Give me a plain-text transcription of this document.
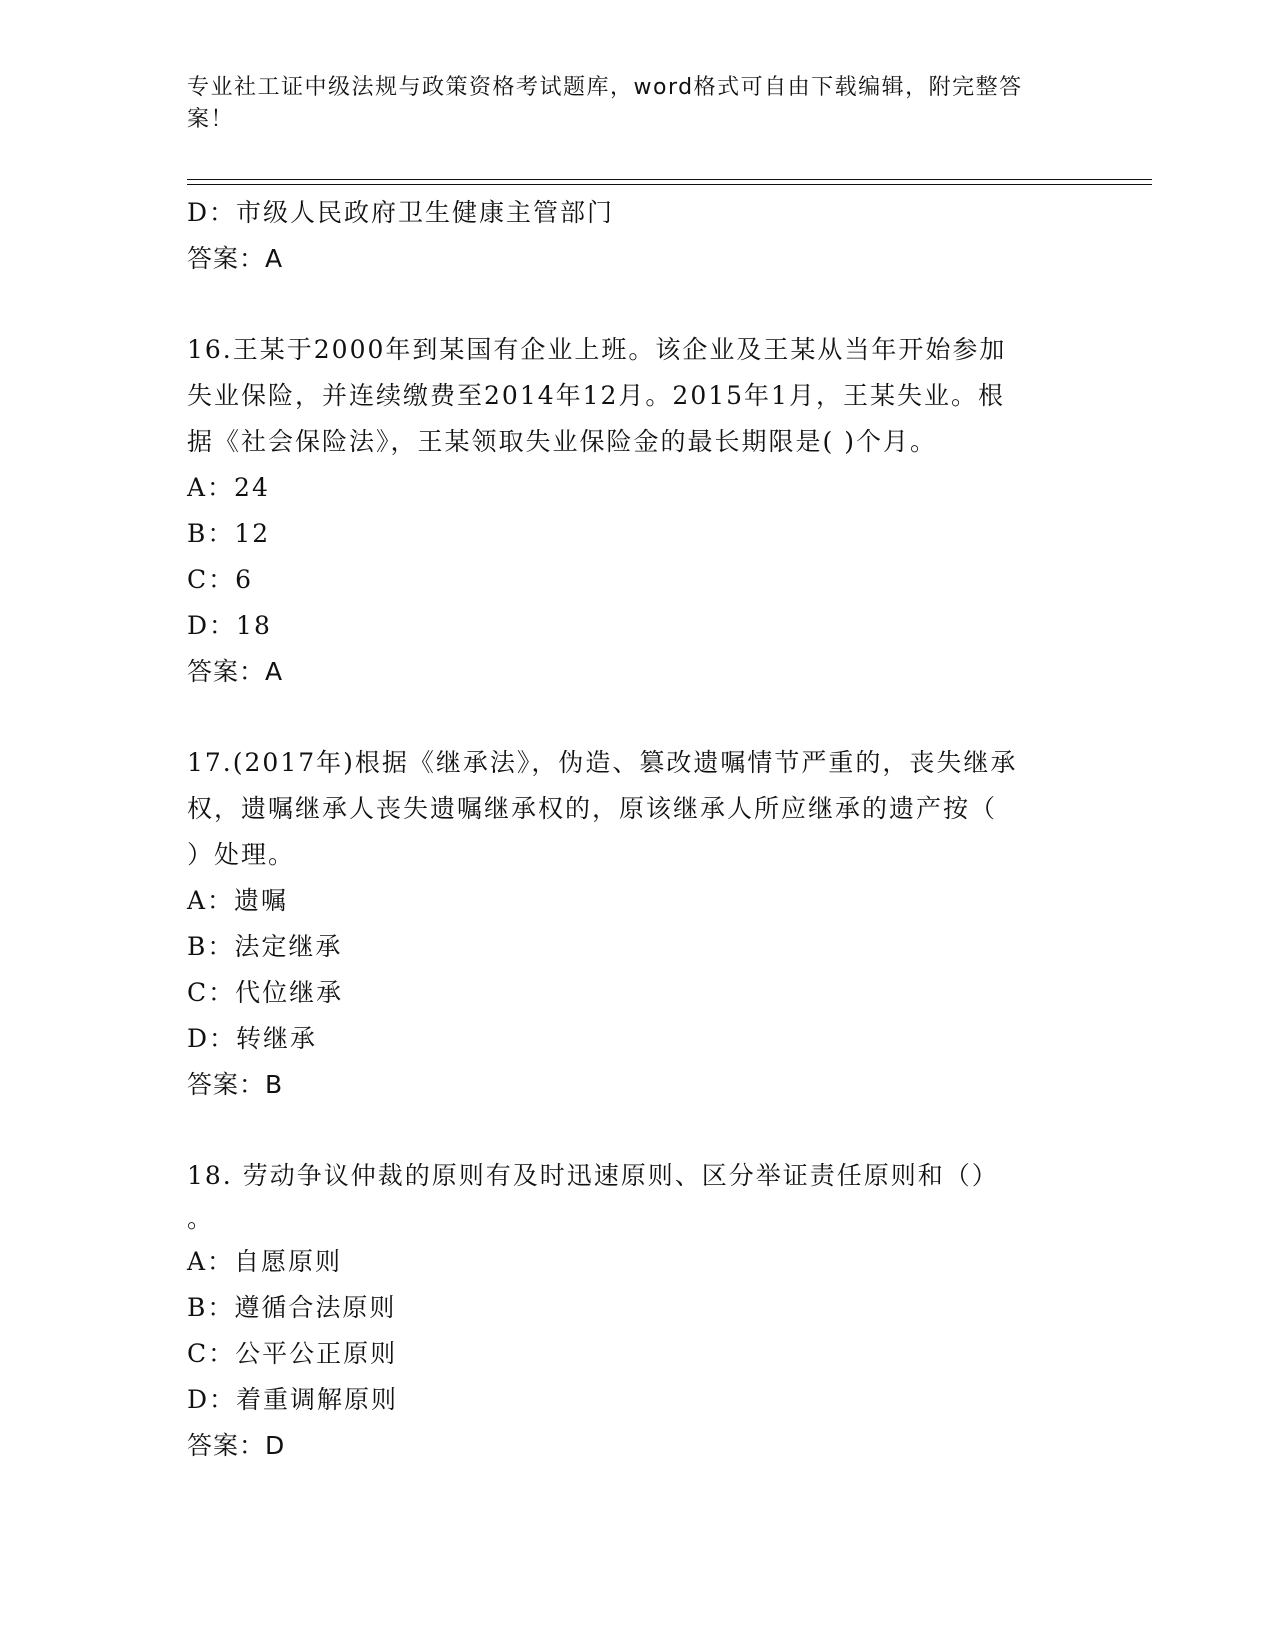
专业社工证中级法规与政策资格考试题库，word格式可自由下载编辑，附完整答
案！
D：市级人民政府卫生健康主管部门
答案：A
16.王某于2000年到某国有企业上班。该企业及王某从当年开始参加
失业保险，并连续缴费至2014年12月。2015年1月，王某失业。根
据《社会保险法》，王某领取失业保险金的最长期限是( )个月。
A：24
B：12
C：6
D：18
答案：A
17.(2017年)根据《继承法》，伪造、篡改遗嘱情节严重的，丧失继承
权，遗嘱继承人丧失遗嘱继承权的，原该继承人所应继承的遗产按（
）处理。
A：遗嘱
B：法定继承
C：代位继承
D：转继承
答案：B
18. 劳动争议仲裁的原则有及时迅速原则、区分举证责任原则和（）
。
A：自愿原则
B：遵循合法原则
C：公平公正原则
D：着重调解原则
答案：D
